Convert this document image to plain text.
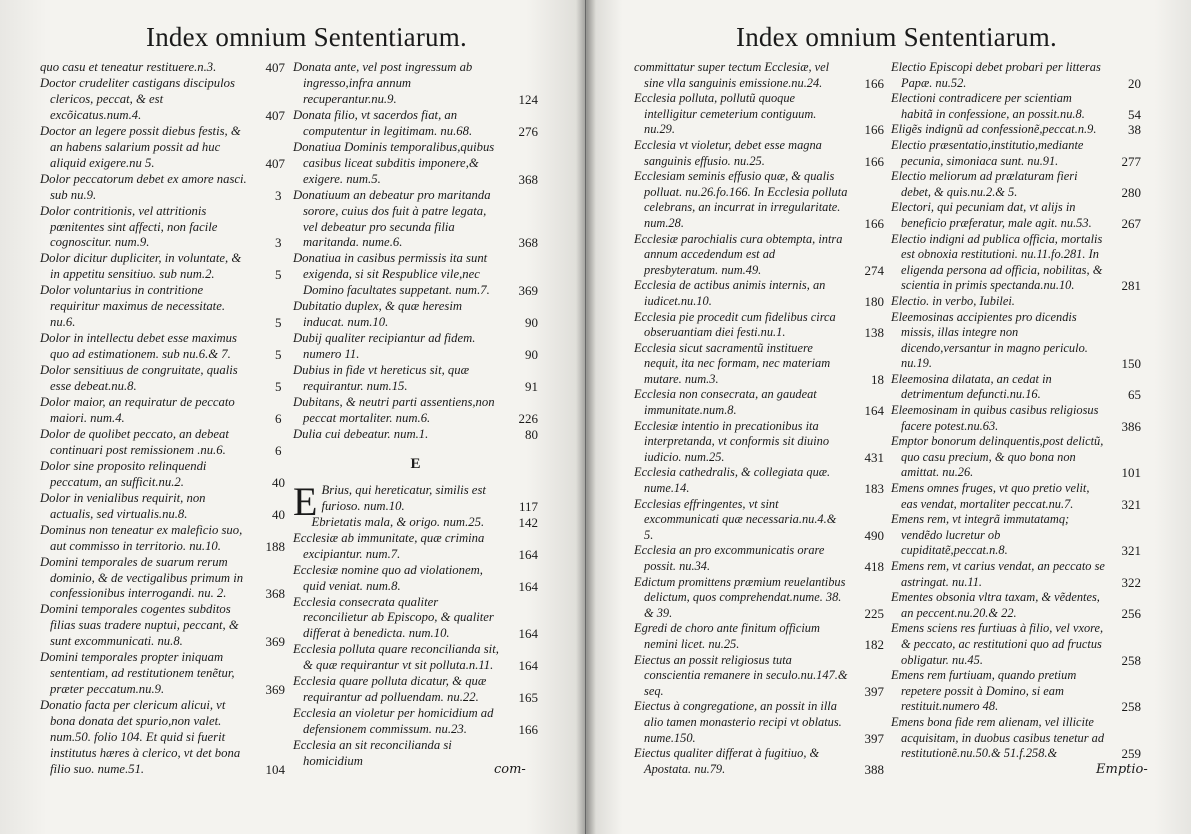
Index omnium Sententiarum.
quo casu et teneatur restituere.n.3.	407
Doctor crudeliter castigans discipulos clericos, peccat, & est excõicatus.num.4.	407
Doctor an legere possit diebus festis, & an habens salarium possit ad huc aliquid exigere.nu 5.	407
Dolor peccatorum debet ex amore nasci. sub nu.9.	3
Dolor contritionis, vel attritionis pœnitentes sint affecti, non facile cognoscitur. num.9.	3
Dolor dicitur dupliciter, in voluntate, & in appetitu sensitiuo. sub num.2.	5
Dolor voluntarius in contritione requiritur maximus de necessitate. nu.6.	5
Dolor in intellectu debet esse maximus quo ad estimationem. sub nu.6.& 7.	5
Dolor sensitiuus de congruitate, qualis esse debeat.nu.8.	5
Dolor maior, an requiratur de peccato maiori. num.4.	6
Dolor de quolibet peccato, an debeat continuari post remissionem .nu.6.	6
Dolor sine proposito relinquendi peccatum, an sufficit.nu.2.	40
Dolor in venialibus requirit, non actualis, sed virtualis.nu.8.	40
Dominus non teneatur ex maleficio suo, aut commisso in territorio. nu.10.	188
Domini temporales de suarum rerum dominio, & de vectigalibus primum in confessionibus interrogandi. nu. 2.	368
Domini temporales cogentes subditos filias suas tradere nuptui, peccant, & sunt excommunicati. nu.8.	369
Domini temporales propter iniquam sententiam, ad restitutionem tenẽtur, præter peccatum.nu.9.	369
Donatio facta per clericum alicui, vt bona donata det spurio,non valet. num.50. folio 104. Et quid si fuerit institutus hæres à clerico, vt det bona filio suo. nume.51.	104
Donata ante, vel post ingressum ab ingresso,infra annum recuperantur.nu.9.	124
Donata filio, vt sacerdos fiat, an computentur in legitimam. nu.68.	276
Donatiua Dominis temporalibus,quibus casibus liceat subditis imponere,& exigere. num.5.	368
Donatiuum an debeatur pro maritanda sorore, cuius dos fuit à patre legata, vel debeatur pro secunda filia maritanda. nume.6.	368
Donatiua in casibus permissis ita sunt exigenda, si sit Respublice vile,nec Domino facultates suppetant. num.7. 369
Dubitatio duplex, & quæ heresim inducat. num.10.	90
Dubij qualiter recipiantur ad fidem. numero 11.	90
Dubius in fide vt hereticus sit, quæ requirantur. num.15.	91
Dubitans, & neutri parti assentiens,non peccat mortaliter. num.6.	226
Dulia cui debeatur. num.1.	80
E
E Brius, qui hereticatur, similis est furioso. num.10.	117
Ebrietatis mala, & origo. num.25.	142
Ecclesiæ ab immunitate, quæ crimina excipiantur. num.7.	164
Ecclesiæ nomine quo ad violationem, quid veniat. num.8.	164
Ecclesia consecrata qualiter reconcilietur ab Episcopo, & qualiter differat à benedicta. num.10.	164
Ecclesia polluta quare reconcilianda sit, & quæ requirantur vt sit polluta.n.11. 164
Ecclesia quare polluta dicatur, & quæ requirantur ad polluendam. nu.22.	165
Ecclesia an violetur per homicidium ad defensionem commissum. nu.23.	166
Ecclesia an sit reconcilianda si homicidium
com-
Index omnium Sententiarum.
committatur super tectum Ecclesiæ, vel sine vlla sanguinis emissione.nu.24.	166
Ecclesia polluta, pollutũ quoque intelligitur cemeterium contiguum. nu.29.	166
Ecclesia vt violetur, debet esse magna sanguinis effusio. nu.25.	166
Ecclesiam seminis effusio quæ, & qualis polluat. nu.26.fo.166. In Ecclesia polluta celebrans, an incurrat in irregularitate. num.28.	166
Ecclesiæ parochialis cura obtempta, intra annum accedendum est ad presbyteratum. num.49.	274
Ecclesia de actibus animis internis, an iudicet.nu.10.	180
Ecclesia pie procedit cum fidelibus circa obseruantiam diei festi.nu.1.	138
Ecclesia sicut sacramentũ instituere nequit, ita nec formam, nec materiam mutare. num.3.	18
Ecclesia non consecrata, an gaudeat immunitate.num.8.	164
Ecclesiæ intentio in precationibus ita interpretanda, vt conformis sit diuino iudicio. num.25.	431
Ecclesia cathedralis, & collegiata quæ. nume.14.	183
Ecclesias effringentes, vt sint excommunicati quæ necessaria.nu.4.& 5.	490
Ecclesia an pro excommunicatis orare possit. nu.34.	418
Edictum promittens præmium reuelantibus delictum, quos comprehendat.nume. 38. & 39.	225
Egredi de choro ante finitum officium nemini licet. nu.25.	182
Eiectus an possit religiosus tuta conscientia remanere in seculo.nu.147.& seq.	397
Eiectus à congregatione, an possit in illa alio tamen monasterio recipi vt oblatus. nume.150.	397
Eiectus qualiter differat à fugitiuo, & Apostata. nu.79.	388
Electio Episcopi debet probari per litteras Papæ. nu.52.	20
Electioni contradicere per scientiam habitã in confessione, an possit.nu.8.	54
Eligẽs indignũ ad confessionẽ,peccat.n.9. 38
Electio præsentatio,institutio,mediante pecunia, simoniaca sunt. nu.91.	277
Electio meliorum ad prælaturam fieri debet, & quis.nu.2.& 5.	280
Electori, qui pecuniam dat, vt alijs in beneficio præferatur, male agit. nu.53. 267
Electio indigni ad publica officia, mortalis est obnoxia restitutioni. nu.11.fo.281. In eligenda persona ad officia, nobilitas, & scientia in primis spectanda.nu.10.	281
Electio. in verbo, Iubilei.
Eleemosinas accipientes pro dicendis missis, illas integre non dicendo,versantur in magno periculo. nu.19.	150
Eleemosina dilatata, an cedat in detrimentum defuncti.nu.16.	65
Eleemosinam in quibus casibus religiosus facere potest.nu.63.	386
Emptor bonorum delinquentis,post delictũ, quo casu precium, & quo bona non amittat. nu.26.	101
Emens omnes fruges, vt quo pretio velit, eas vendat, mortaliter peccat.nu.7.	321
Emens rem, vt integrã immutatamq; vendẽdo lucretur ob cupiditatẽ,peccat.n.8.	321
Emens rem, vt carius vendat, an peccato se astringat. nu.11.	322
Ementes obsonia vltra taxam, & vẽdentes, an peccent.nu.20.& 22.	256
Emens sciens res furtiuas à filio, vel vxore, & peccato, ac restitutioni quo ad fructus obligatur. nu.45.	258
Emens rem furtiuam, quando pretium repetere possit à Domino, si eam restituit.numero 48.	258
Emens bona fide rem alienam, vel illicite acquisitam, in duobus casibus tenetur ad restitutionẽ.nu.50.& 51.f.258.&	259
Emptio-
